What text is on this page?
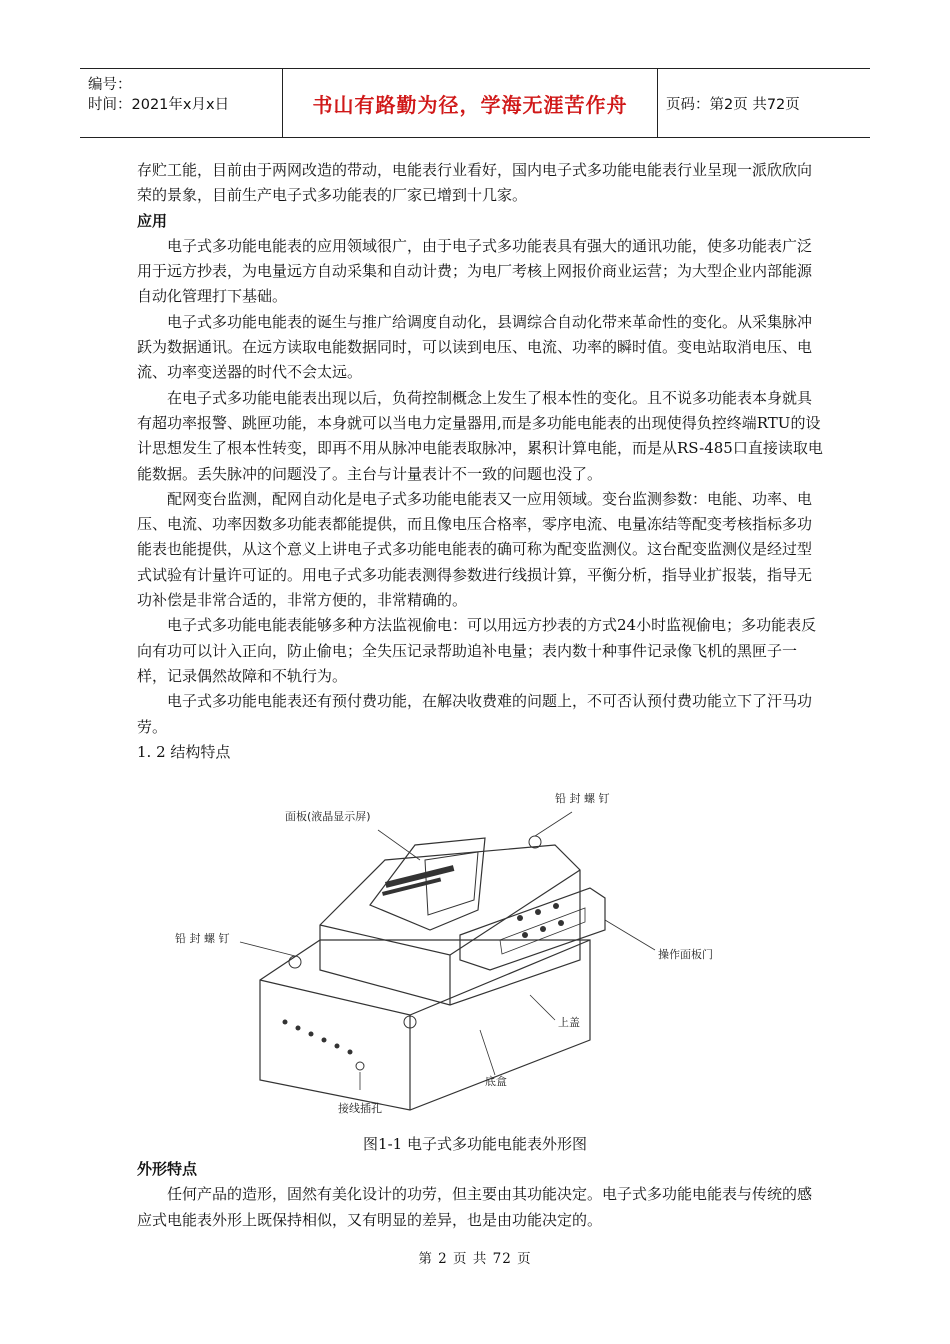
编号：
时间：2021年x月x日	书山有路勤为径，学海无涯苦作舟	页码：第2页 共72页

存贮工能，目前由于两网改造的带动，电能表行业看好，国内电子式多功能电能表行业呈现一派欣欣向荣的景象，目前生产电子式多功能表的厂家已增到十几家。

应用

电子式多功能电能表的应用领域很广，由于电子式多功能表具有强大的通讯功能，使多功能表广泛用于远方抄表，为电量远方自动采集和自动计费；为电厂考核上网报价商业运营；为大型企业内部能源自动化管理打下基础。

电子式多功能电能表的诞生与推广给调度自动化，县调综合自动化带来革命性的变化。从采集脉冲跃为数据通讯。在远方读取电能数据同时，可以读到电压、电流、功率的瞬时值。变电站取消电压、电流、功率变送器的时代不会太远。

在电子式多功能电能表出现以后，负荷控制概念上发生了根本性的变化。且不说多功能表本身就具有超功率报警、跳匣功能，本身就可以当电力定量器用,而是多功能电能表的出现使得负控终端RTU的设计思想发生了根本性转变，即再不用从脉冲电能表取脉冲，累积计算电能，而是从RS-485口直接读取电能数据。丢失脉冲的问题没了。主台与计量表计不一致的问题也没了。

配网变台监测，配网自动化是电子式多功能电能表又一应用领域。变台监测参数：电能、功率、电压、电流、功率因数多功能表都能提供，而且像电压合格率，零序电流、电量冻结等配变考核指标多功能表也能提供，从这个意义上讲电子式多功能电能表的确可称为配变监测仪。这台配变监测仪是经过型式试验有计量许可证的。用电子式多功能表测得参数进行线损计算，平衡分析，指导业扩报装，指导无功补偿是非常合适的，非常方便的，非常精确的。

电子式多功能电能表能够多种方法监视偷电：可以用远方抄表的方式24小时监视偷电；多功能表反向有功可以计入正向，防止偷电；全失压记录帮助追补电量；表内数十种事件记录像飞机的黑匣子一样，记录偶然故障和不轨行为。

电子式多功能电能表还有预付费功能，在解决收费难的问题上，不可否认预付费功能立下了汗马功劳。

1. 2 结构特点

铅 封 螺 钉
面板(液晶显示屏)
铅 封 螺 钉
操作面板门
上盖
底盒
接线插孔
图1-1 电子式多功能电能表外形图
外形特点

任何产品的造形，固然有美化设计的功劳，但主要由其功能决定。电子式多功能电能表与传统的感应式电能表外形上既保持相似，又有明显的差异，也是由功能决定的。

第 2 页 共 72 页
